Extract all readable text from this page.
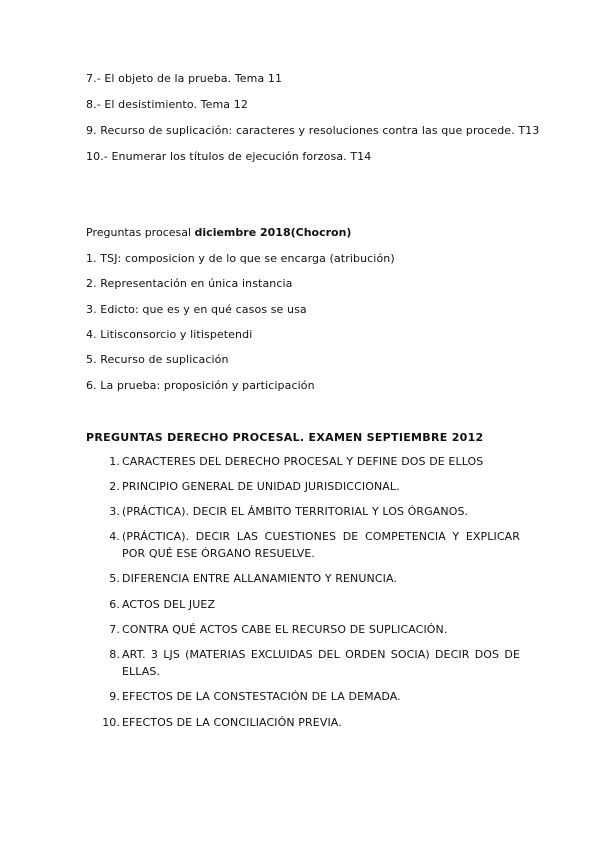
7.- El objeto de la prueba. Tema 11
8.- El desistimiento. Tema 12
9. Recurso de suplicación: caracteres y resoluciones contra las que procede. T13
10.- Enumerar los títulos de ejecución forzosa. T14
Preguntas procesal diciembre 2018(Chocron)
1. TSJ: composicion y de lo que se encarga (atribución)
2. Representación en única instancia
3. Edicto: que es y en qué casos se usa
4. Litisconsorcio y litispetendi
5. Recurso de suplicación
6. La prueba: proposición y participación
PREGUNTAS DERECHO PROCESAL. EXAMEN SEPTIEMBRE 2012
1. CARACTERES DEL DERECHO PROCESAL Y DEFINE DOS DE ELLOS
2. PRINCIPIO GENERAL DE UNIDAD JURISDICCIONAL.
3. (PRÁCTICA). DECIR EL ÁMBITO TERRITORIAL Y LOS ÓRGANOS.
4. (PRÁCTICA). DECIR LAS CUESTIONES DE COMPETENCIA Y EXPLICAR POR QUÉ ESE ÓRGANO RESUELVE.
5. DIFERENCIA ENTRE ALLANAMIENTO Y RENUNCIA.
6. ACTOS DEL JUEZ
7. CONTRA QUÉ ACTOS CABE EL RECURSO DE SUPLICACIÓN.
8. ART. 3 LJS (MATERIAS EXCLUIDAS DEL ORDEN SOCIA) DECIR DOS DE ELLAS.
9. EFECTOS DE LA CONSTESTACIÓN DE LA DEMADA.
10. EFECTOS DE LA CONCILIACIÓN PREVIA.
